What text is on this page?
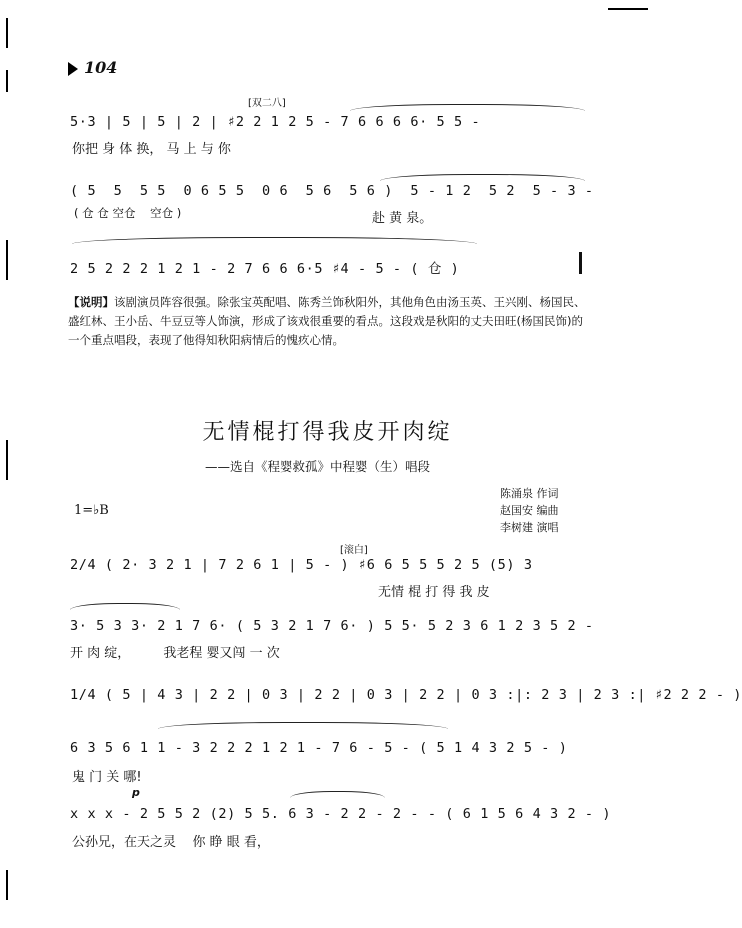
104
[双二八]
5·3 | 5 | 5 | 2 | ♯2 2 1 2 5 - 7 6 6 6 6· 5 5 -
你把 身 体 换， 马 上 与 你
( 5  5  5 5  0 6 5 5  0 6  5 6  5 6 )  5 - 1 2  5 2  5 - 3 -
( 仓 仓 空仓    空仓 )	赴 黄 泉。
2 5 2 2 2 1 2 1 - 2 7 6 6 6·5 ♯4 - 5 - ( 仓 )
【说明】该剧演员阵容很强。除张宝英配唱、陈秀兰饰秋阳外，其他角色由汤玉英、王兴刚、杨国民、盛红林、王小岳、牛豆豆等人饰演，形成了该戏很重要的看点。这段戏是秋阳的丈夫田旺(杨国民饰)的一个重点唱段，表现了他得知秋阳病情后的愧疚心情。
无情棍打得我皮开肉绽
——选自《程婴救孤》中程婴（生）唱段
陈涌泉 作词
赵国安 编曲
李树建 演唱
1=♭B
[滚白]
2/4 ( 2· 3 2 1 | 7 2 6 1 | 5 - ) ♯6 6 5 5 5 2 5 (5) 3
无情 棍 打 得 我 皮
3· 5 3 3· 2 1 7 6· ( 5 3 2 1 7 6· ) 5 5· 5 2 3 6 1 2 3 5 2 -
开 肉 绽，        我老程 婴又闯 一 次
1/4 ( 5 | 4 3 | 2 2 | 0 3 | 2 2 | 0 3 | 2 2 | 0 3 :|: 2 3 | 2 3 :| ♯2 2 2 - )
6 3 5 6 1 1 - 3 2 2 2 1 2 1 - 7 6 - 5 - ( 5 1 4 3 2 5 - )
鬼 门 关 哪!
p
x x x - 2 5 5 2 (2) 5 5. 6 3 - 2 2 - 2 - - ( 6 1 5 6 4 3 2 - )
公孙兄，在天之灵    你 睁 眼 看，
